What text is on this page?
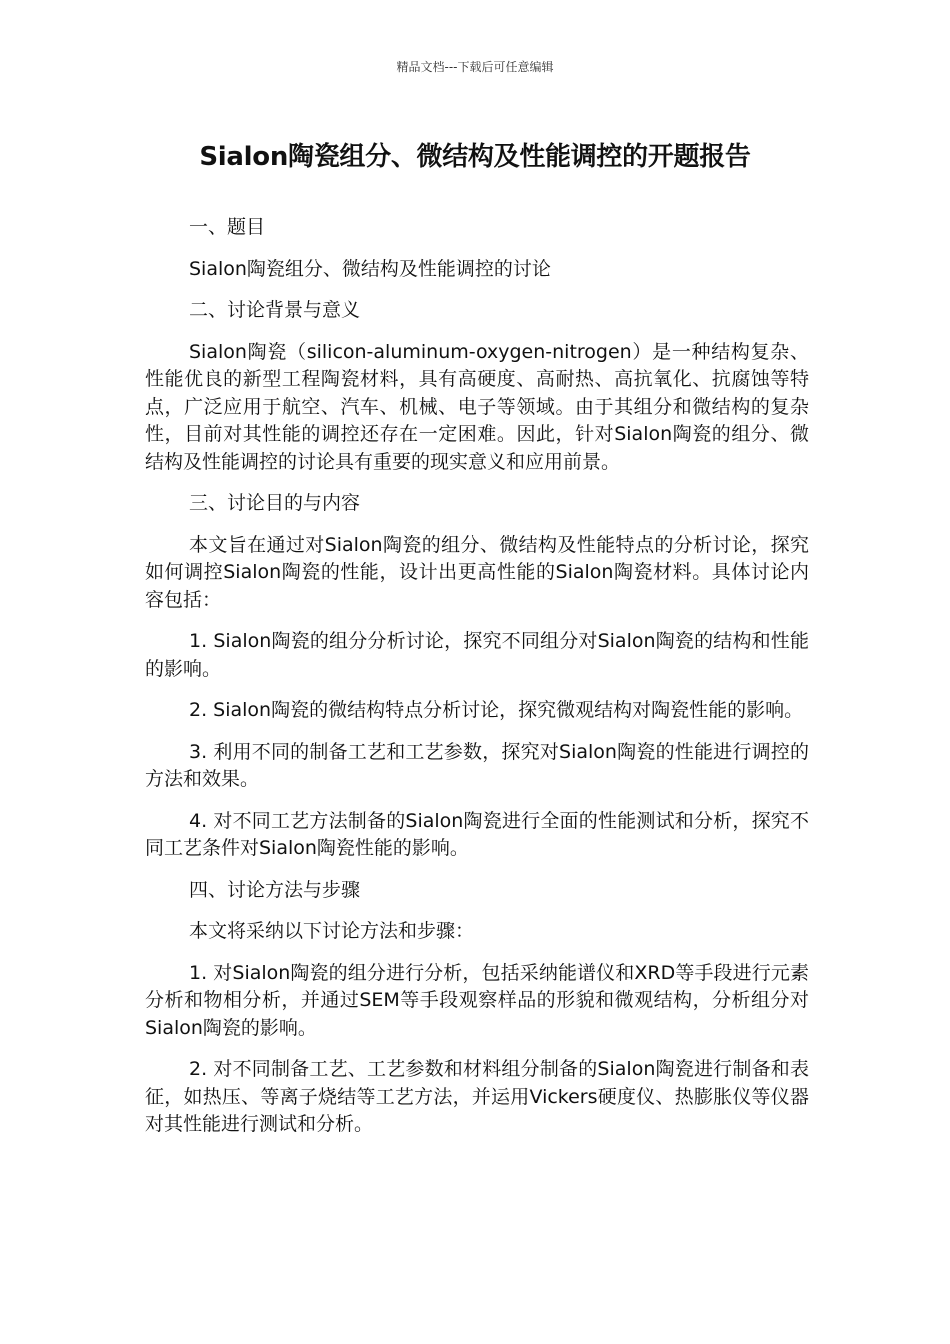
精品文档---下载后可任意编辑
Sialon陶瓷组分、微结构及性能调控的开题报告

一、题目

Sialon陶瓷组分、微结构及性能调控的讨论

二、讨论背景与意义

Sialon陶瓷（silicon-aluminum-oxygen-nitrogen）是一种结构复杂、性能优良的新型工程陶瓷材料，具有高硬度、高耐热、高抗氧化、抗腐蚀等特点，广泛应用于航空、汽车、机械、电子等领域。由于其组分和微结构的复杂性，目前对其性能的调控还存在一定困难。因此，针对Sialon陶瓷的组分、微结构及性能调控的讨论具有重要的现实意义和应用前景。

三、讨论目的与内容

本文旨在通过对Sialon陶瓷的组分、微结构及性能特点的分析讨论，探究如何调控Sialon陶瓷的性能，设计出更高性能的Sialon陶瓷材料。具体讨论内容包括：

1. Sialon陶瓷的组分分析讨论，探究不同组分对Sialon陶瓷的结构和性能的影响。

2. Sialon陶瓷的微结构特点分析讨论，探究微观结构对陶瓷性能的影响。

3. 利用不同的制备工艺和工艺参数，探究对Sialon陶瓷的性能进行调控的方法和效果。

4. 对不同工艺方法制备的Sialon陶瓷进行全面的性能测试和分析，探究不同工艺条件对Sialon陶瓷性能的影响。

四、讨论方法与步骤

本文将采纳以下讨论方法和步骤：

1. 对Sialon陶瓷的组分进行分析，包括采纳能谱仪和XRD等手段进行元素分析和物相分析，并通过SEM等手段观察样品的形貌和微观结构，分析组分对Sialon陶瓷的影响。

2. 对不同制备工艺、工艺参数和材料组分制备的Sialon陶瓷进行制备和表征，如热压、等离子烧结等工艺方法，并运用Vickers硬度仪、热膨胀仪等仪器对其性能进行测试和分析。
